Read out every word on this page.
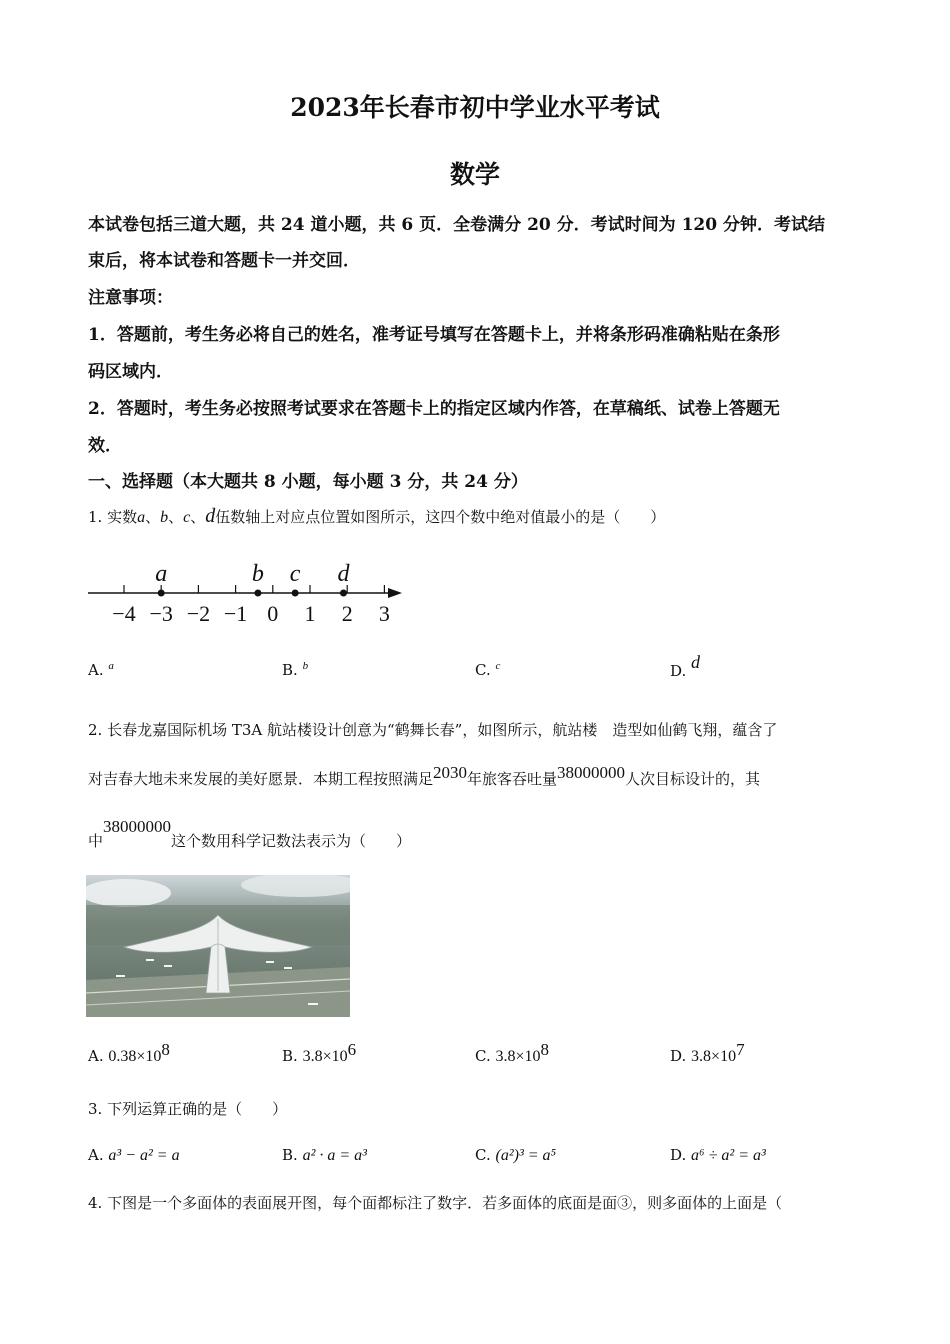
2023年长春市初中学业水平考试
数学
本试卷包括三道大题，共 24 道小题，共 6 页．全卷满分 20 分．考试时间为 120 分钟．考试结
束后，将本试卷和答题卡一并交回．
注意事项：
1．答题前，考生务必将自己的姓名，准考证号填写在答题卡上，并将条形码准确粘贴在条形
码区域内．
2．答题时，考生务必按照考试要求在答题卡上的指定区域内作答，在草稿纸、试卷上答题无
效．
一、选择题（本大题共 8 小题，每小题 3 分，共 24 分）
1. 实数a、b、c、d伍数轴上对应点位置如图所示，这四个数中绝对值最小的是（　　）
−4 −3 −2 −1 0 1 2 3
a	b c d
A. $^a$	B. $^b$	C. $^c$	D. d
2. 长春龙嘉国际机场 T3A 航站楼设计创意为“鹤舞长春”，如图所示，航站楼　造型如仙鹤飞翔，蕴含了
对吉春大地未来发展的美好愿景．本期工程按照满足2030年旅客吞吐量38000000人次目标设计的，其
中38000000这个数用科学记数法表示为（　　）
A. 0.38×108	B. 3.8×106	C. 3.8×108	D. 3.8×107
3. 下列运算正确的是（　　）
A. a³ − a² = a	B. a² · a = a³	C. (a²)³ = a⁵	D. a⁶ ÷ a² = a³
4. 下图是一个多面体的表面展开图，每个面都标注了数字．若多面体的底面是面③，则多面体的上面是（
